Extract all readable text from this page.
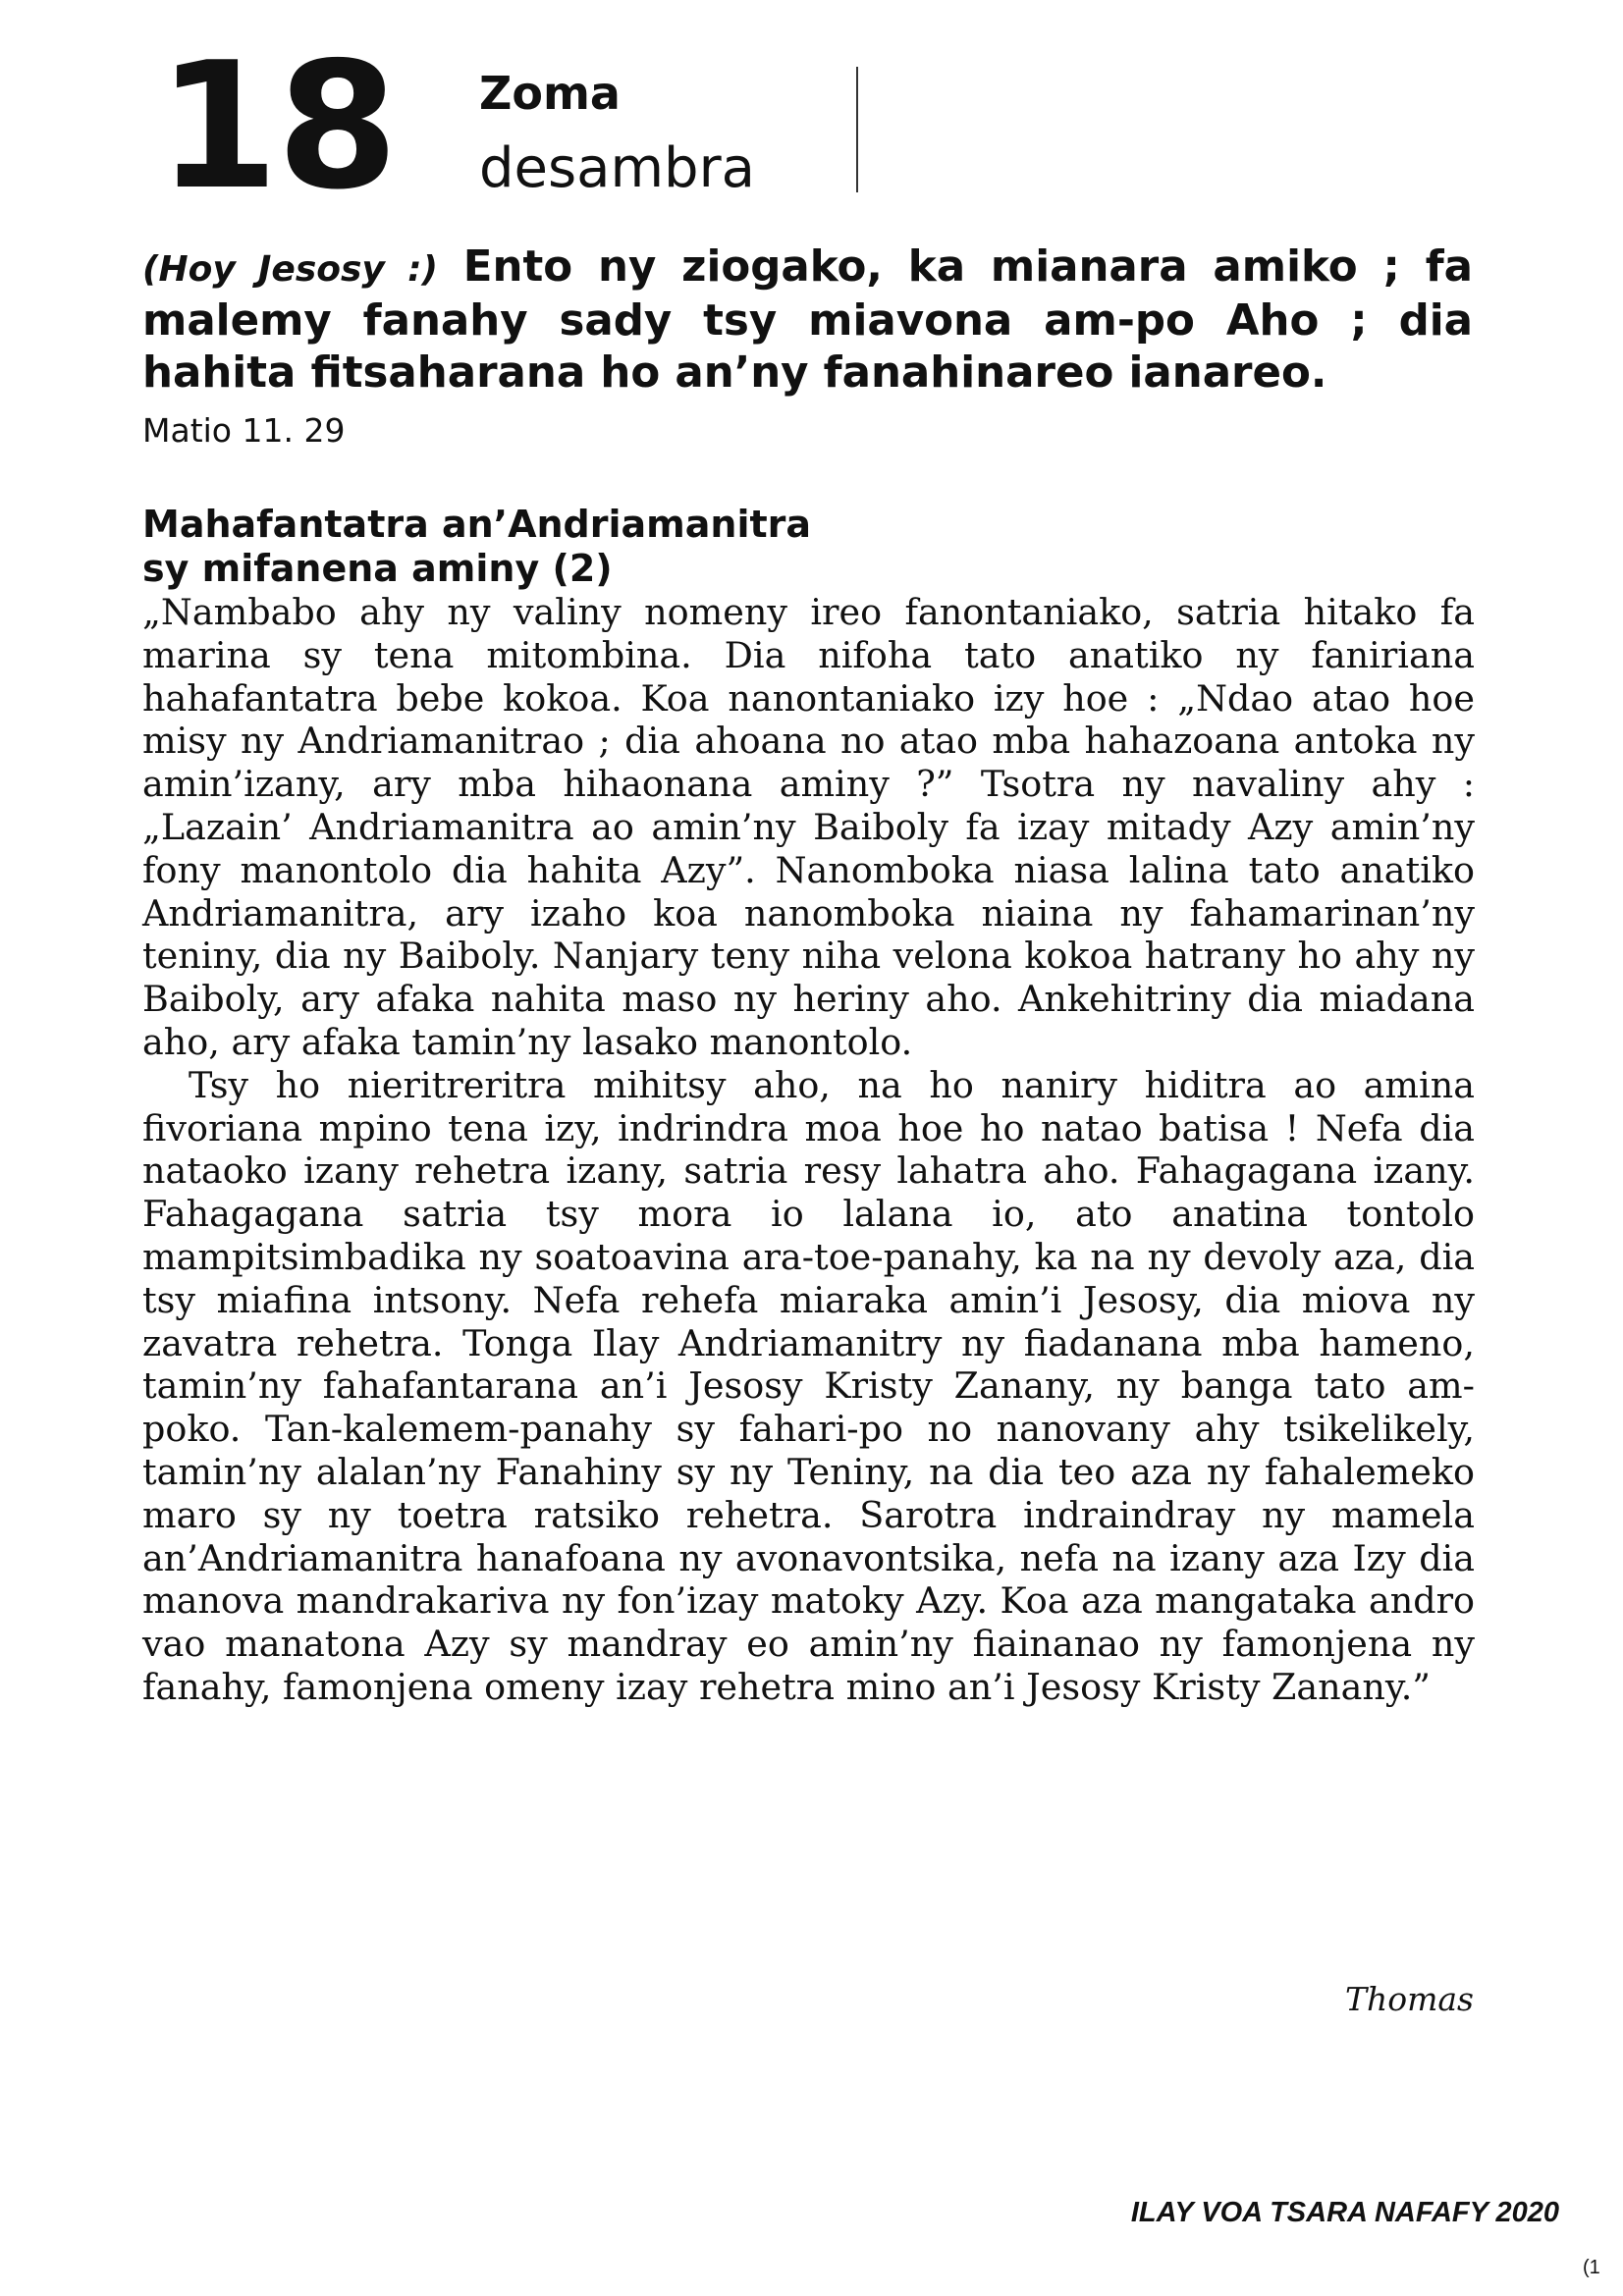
18 Zoma
desambra
(Hoy Jesosy :) Ento ny ziogako, ka mianara amiko ; fa malemy fanahy sady tsy miavona am-po Aho ; dia hahita fitsaharana ho an’ny fanahinareo ianareo.
Matio 11. 29
Mahafantatra an’Andriamanitra
sy mifanena aminy (2)

„Nambabo ahy ny valiny nomeny ireo fanontaniako, satria hitako fa marina sy tena mitombina. Dia nifoha tato anatiko ny faniriana hahafantatra bebe kokoa. Koa nanontaniako izy hoe : „Ndao atao hoe misy ny Andriamanitrao ; dia ahoana no atao mba hahazoana antoka ny amin’izany, ary mba hihaonana aminy ?” Tsotra ny navaliny ahy : „Lazain’ Andriamanitra ao amin’ny Baiboly fa izay mitady Azy amin’ny fony manontolo dia hahita Azy”. Nanomboka niasa lalina tato anatiko Andriamanitra, ary izaho koa nanomboka niaina ny fahamarinan’ny teniny, dia ny Baiboly. Nanjary teny niha velona kokoa hatrany ho ahy ny Baiboly, ary afaka nahita maso ny heriny aho. Ankehitriny dia miadana aho, ary afaka tamin’ny lasako manontolo.

Tsy ho nieritreritra mihitsy aho, na ho naniry hiditra ao amina fivoriana mpino tena izy, indrindra moa hoe ho natao batisa ! Nefa dia nataoko izany rehetra izany, satria resy lahatra aho. Fahagagana izany. Fahagagana satria tsy mora io lalana io, ato anatina tontolo mampitsimbadika ny soatoavina ara-toe-panahy, ka na ny devoly aza, dia tsy miafina intsony. Nefa rehefa miaraka amin’i Jesosy, dia miova ny zavatra rehetra. Tonga Ilay Andriamanitry ny fiadanana mba hameno, tamin’ny fahafantarana an’i Jesosy Kristy Zanany, ny banga tato am-poko. Tan-kalemem-panahy sy fahari-po no nanovany ahy tsikelikely, tamin’ny alalan’ny Fanahiny sy ny Teniny, na dia teo aza ny fahalemeko maro sy ny toetra ratsiko rehetra. Sarotra indraindray ny mamela an’Andriamanitra hanafoana ny avonavontsika, nefa na izany aza Izy dia manova mandrakariva ny fon’izay matoky Azy. Koa aza mangataka andro vao manatona Azy sy mandray eo amin’ny fiainanao ny famonjena ny fanahy, famonjena omeny izay rehetra mino an’i Jesosy Kristy Zanany.”

Thomas
ILAY VOA TSARA NAFAFY 2020
(1
